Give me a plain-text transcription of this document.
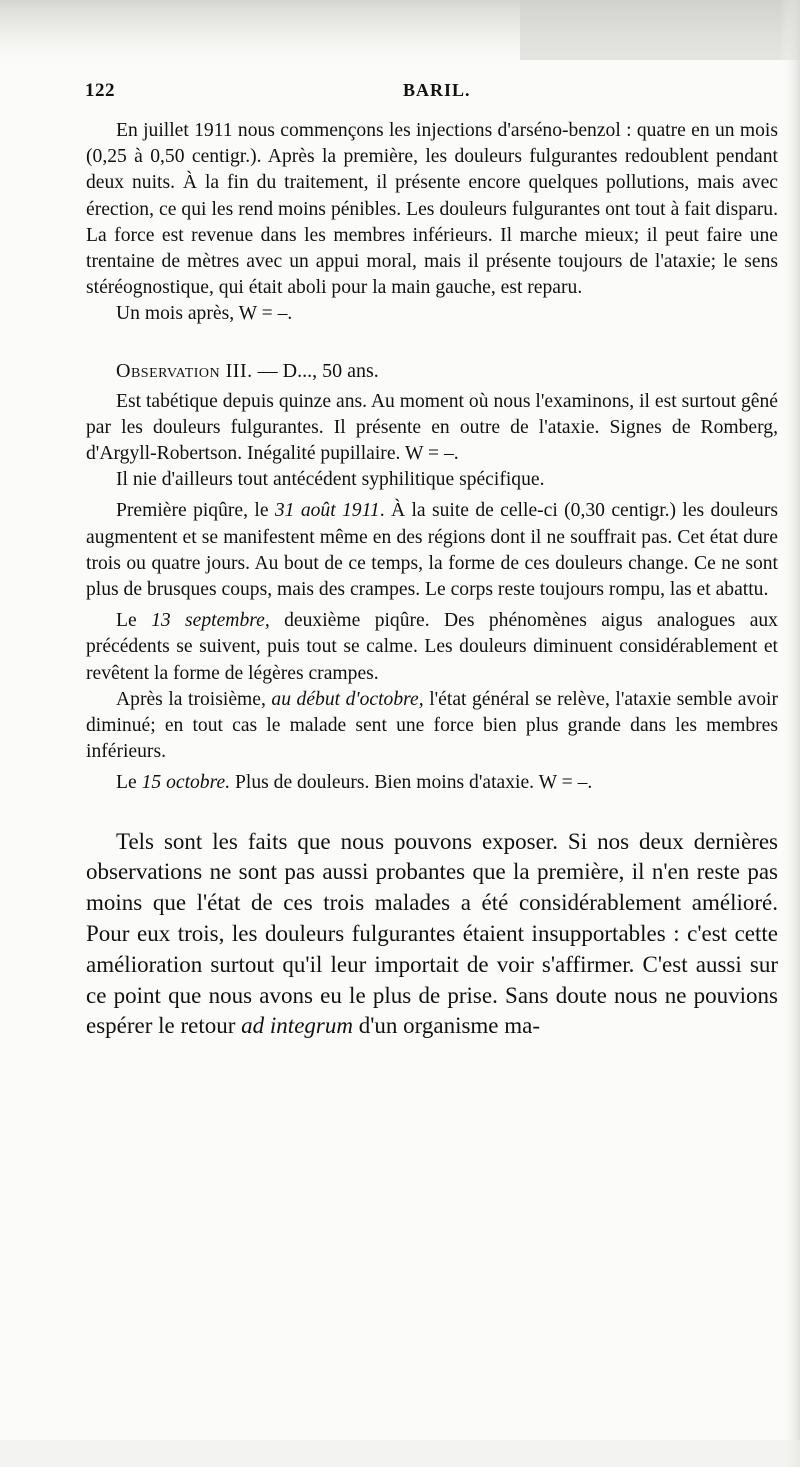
122	BARIL.

En juillet 1911 nous commençons les injections d'arséno-benzol : quatre en un mois (0,25 à 0,50 centigr.). Après la première, les douleurs fulgurantes redoublent pendant deux nuits. À la fin du traitement, il présente encore quelques pollutions, mais avec érection, ce qui les rend moins pénibles. Les douleurs fulgurantes ont tout à fait disparu. La force est revenue dans les membres inférieurs. Il marche mieux; il peut faire une trentaine de mètres avec un appui moral, mais il présente toujours de l'ataxie; le sens stéréognostique, qui était aboli pour la main gauche, est reparu.

Un mois après, W = –.

Observation III. — D..., 50 ans.

Est tabétique depuis quinze ans. Au moment où nous l'examinons, il est surtout gêné par les douleurs fulgurantes. Il présente en outre de l'ataxie. Signes de Romberg, d'Argyll-Robertson. Inégalité pupillaire. W = –.

Il nie d'ailleurs tout antécédent syphilitique spécifique.

Première piqûre, le 31 août 1911. À la suite de celle-ci (0,30 centigr.) les douleurs augmentent et se manifestent même en des régions dont il ne souffrait pas. Cet état dure trois ou quatre jours. Au bout de ce temps, la forme de ces douleurs change. Ce ne sont plus de brusques coups, mais des crampes. Le corps reste toujours rompu, las et abattu.

Le 13 septembre, deuxième piqûre. Des phénomènes aigus analogues aux précédents se suivent, puis tout se calme. Les douleurs diminuent considérablement et revêtent la forme de légères crampes.

Après la troisième, au début d'octobre, l'état général se relève, l'ataxie semble avoir diminué; en tout cas le malade sent une force bien plus grande dans les membres inférieurs.

Le 15 octobre. Plus de douleurs. Bien moins d'ataxie. W = –.

Tels sont les faits que nous pouvons exposer. Si nos deux dernières observations ne sont pas aussi probantes que la première, il n'en reste pas moins que l'état de ces trois malades a été considérablement amélioré. Pour eux trois, les douleurs fulgurantes étaient insupportables : c'est cette amélioration surtout qu'il leur importait de voir s'affirmer. C'est aussi sur ce point que nous avons eu le plus de prise. Sans doute nous ne pouvions espérer le retour ad integrum d'un organisme ma-
